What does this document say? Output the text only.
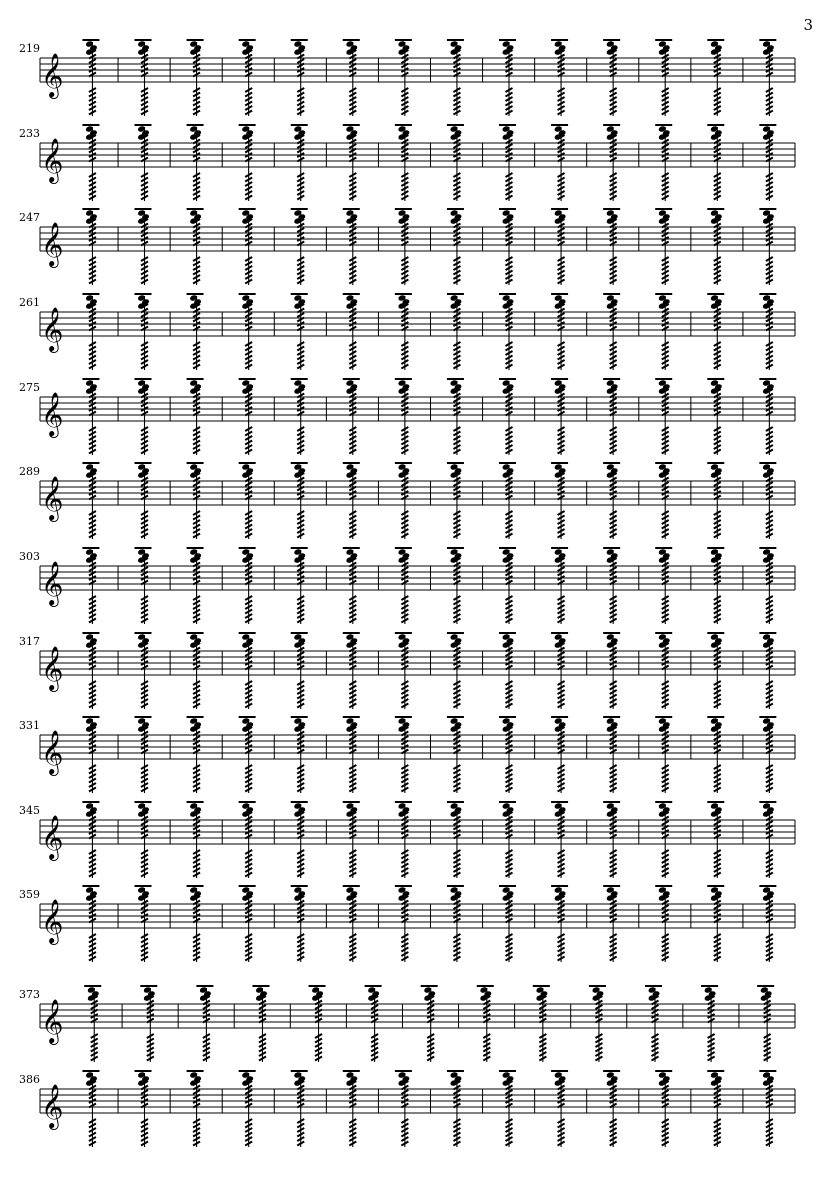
3
219
233
247
261
275
289
303
317
331
345
359
373
386
𝄞
𝄞
𝄞
𝄞
𝄞
𝄞
𝄞
𝄞
𝄞
𝄞
𝄞
𝄞
𝄞
